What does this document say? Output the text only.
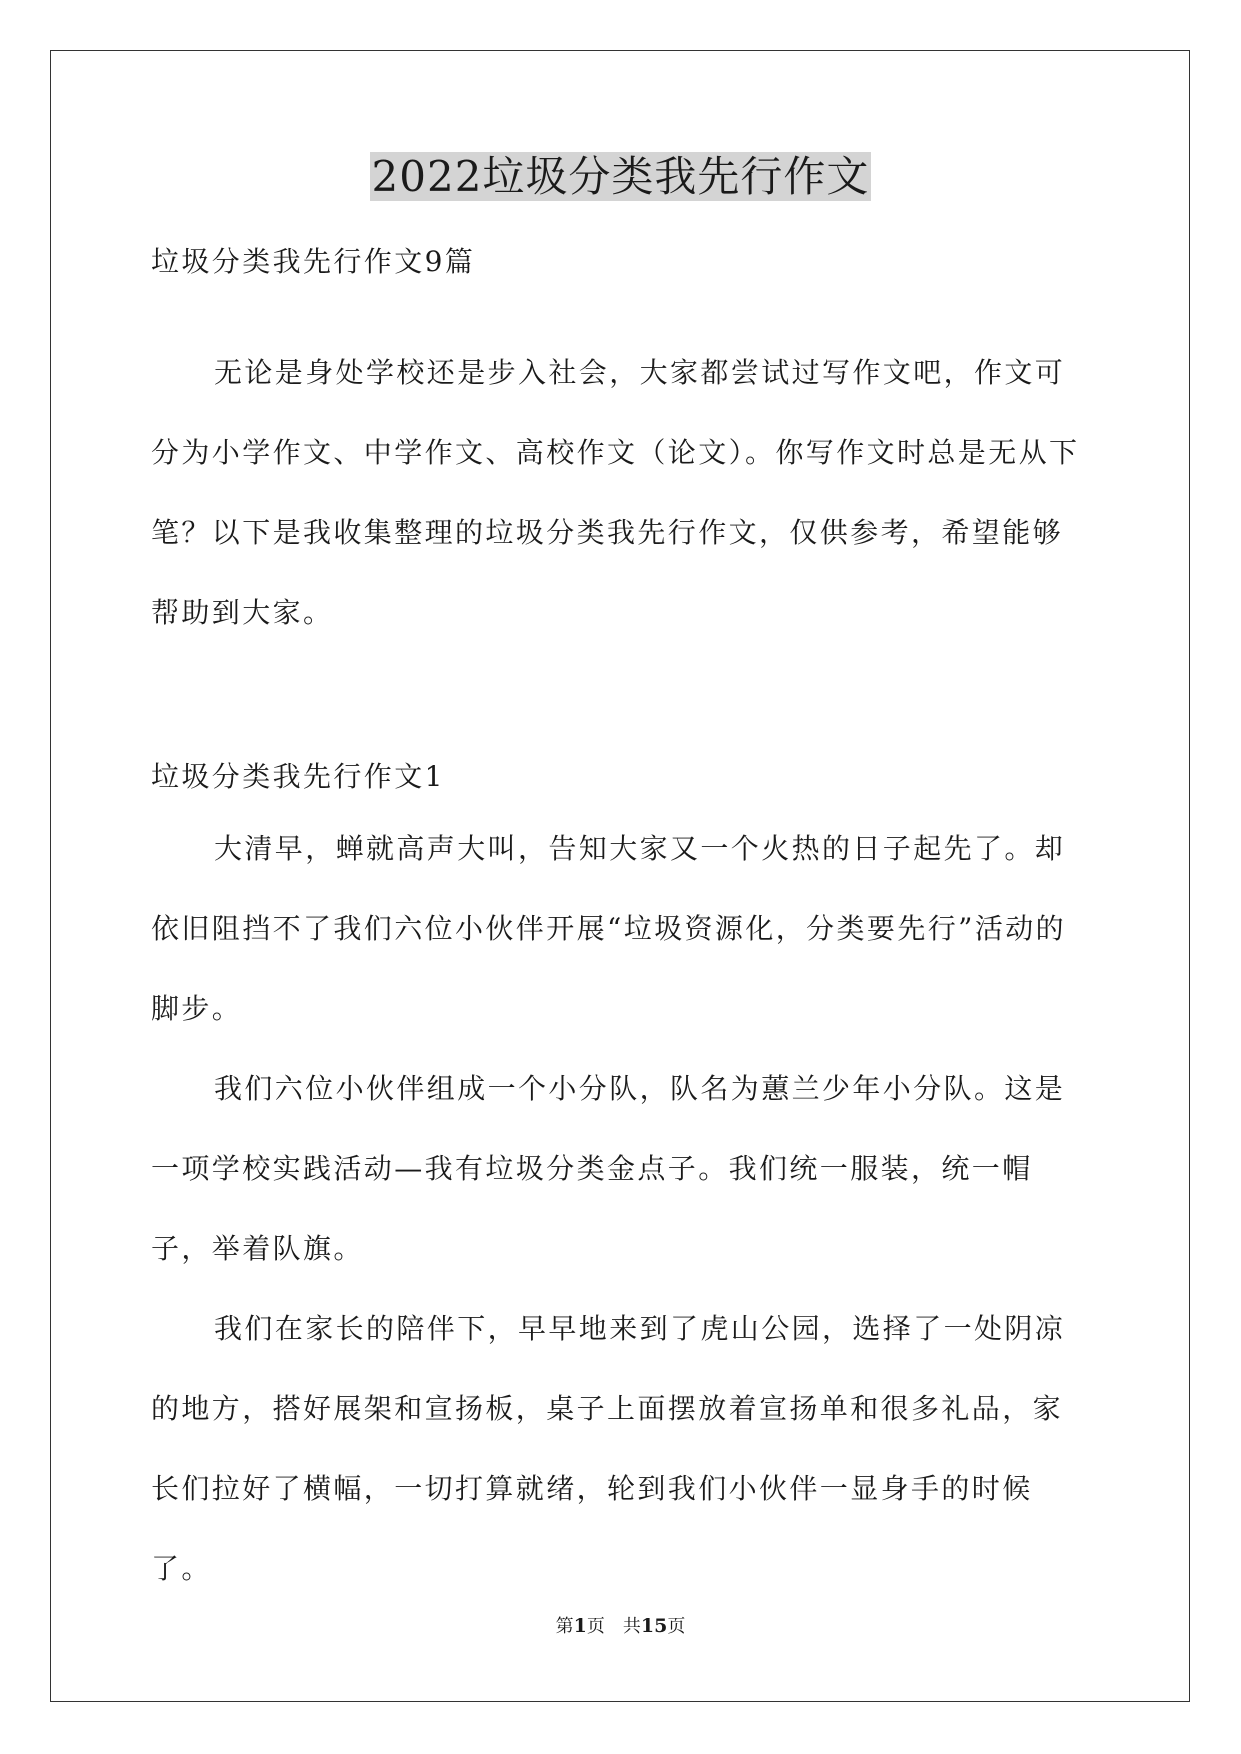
2022垃圾分类我先行作文

垃圾分类我先行作文9篇

无论是身处学校还是步入社会，大家都尝试过写作文吧，作文可分为小学作文、中学作文、高校作文（论文）。你写作文时总是无从下笔？以下是我收集整理的垃圾分类我先行作文，仅供参考，希望能够帮助到大家。

垃圾分类我先行作文1

大清早，蝉就高声大叫，告知大家又一个火热的日子起先了。却依旧阻挡不了我们六位小伙伴开展“垃圾资源化，分类要先行”活动的脚步。

我们六位小伙伴组成一个小分队，队名为蕙兰少年小分队。这是一项学校实践活动—我有垃圾分类金点子。我们统一服装，统一帽子，举着队旗。

我们在家长的陪伴下，早早地来到了虎山公园，选择了一处阴凉的地方，搭好展架和宣扬板，桌子上面摆放着宣扬单和很多礼品，家长们拉好了横幅，一切打算就绪，轮到我们小伙伴一显身手的时候了。

第1页　共15页
